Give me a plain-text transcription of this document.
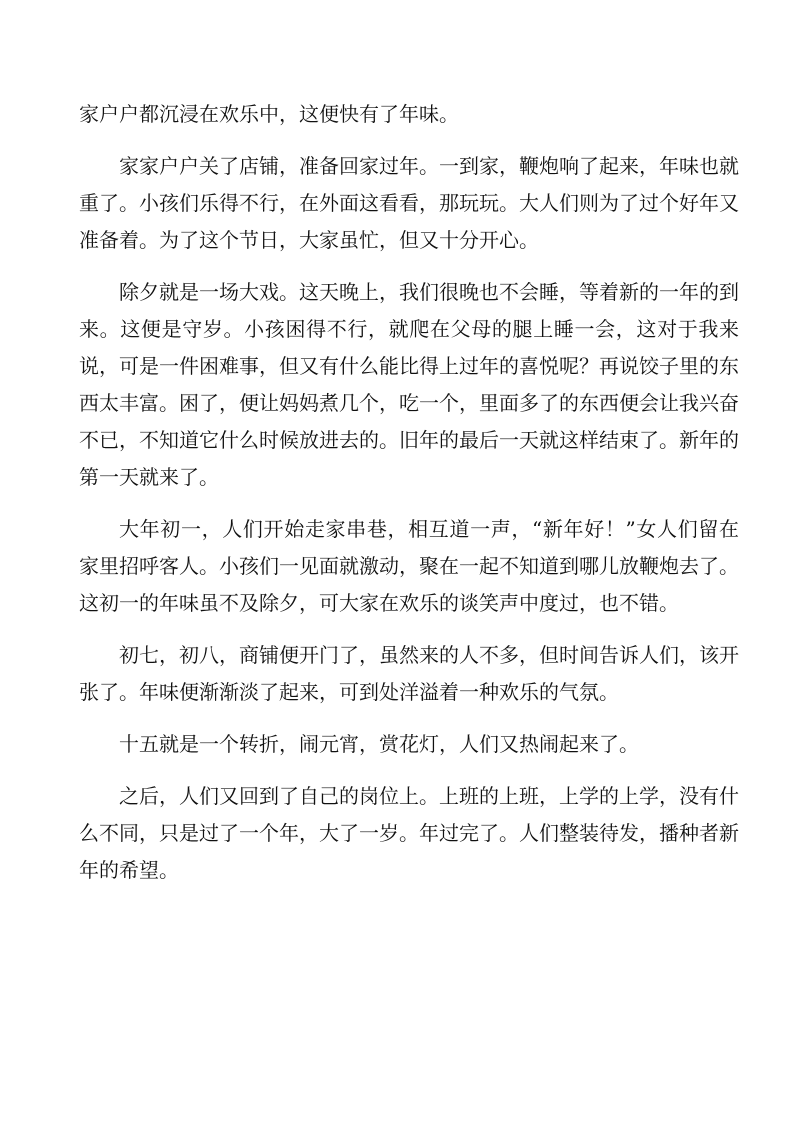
家户户都沉浸在欢乐中，这便快有了年味。

家家户户关了店铺，准备回家过年。一到家，鞭炮响了起来，年味也就重了。小孩们乐得不行，在外面这看看，那玩玩。大人们则为了过个好年又准备着。为了这个节日，大家虽忙，但又十分开心。

除夕就是一场大戏。这天晚上，我们很晚也不会睡，等着新的一年的到来。这便是守岁。小孩困得不行，就爬在父母的腿上睡一会，这对于我来说，可是一件困难事，但又有什么能比得上过年的喜悦呢？再说饺子里的东西太丰富。困了，便让妈妈煮几个，吃一个，里面多了的东西便会让我兴奋不已，不知道它什么时候放进去的。旧年的最后一天就这样结束了。新年的第一天就来了。

大年初一，人们开始走家串巷，相互道一声，“新年好！”女人们留在家里招呼客人。小孩们一见面就激动，聚在一起不知道到哪儿放鞭炮去了。这初一的年味虽不及除夕，可大家在欢乐的谈笑声中度过，也不错。

初七，初八，商铺便开门了，虽然来的人不多，但时间告诉人们，该开张了。年味便渐渐淡了起来，可到处洋溢着一种欢乐的气氛。

十五就是一个转折，闹元宵，赏花灯，人们又热闹起来了。

之后，人们又回到了自己的岗位上。上班的上班，上学的上学，没有什么不同，只是过了一个年，大了一岁。年过完了。人们整装待发，播种者新年的希望。
